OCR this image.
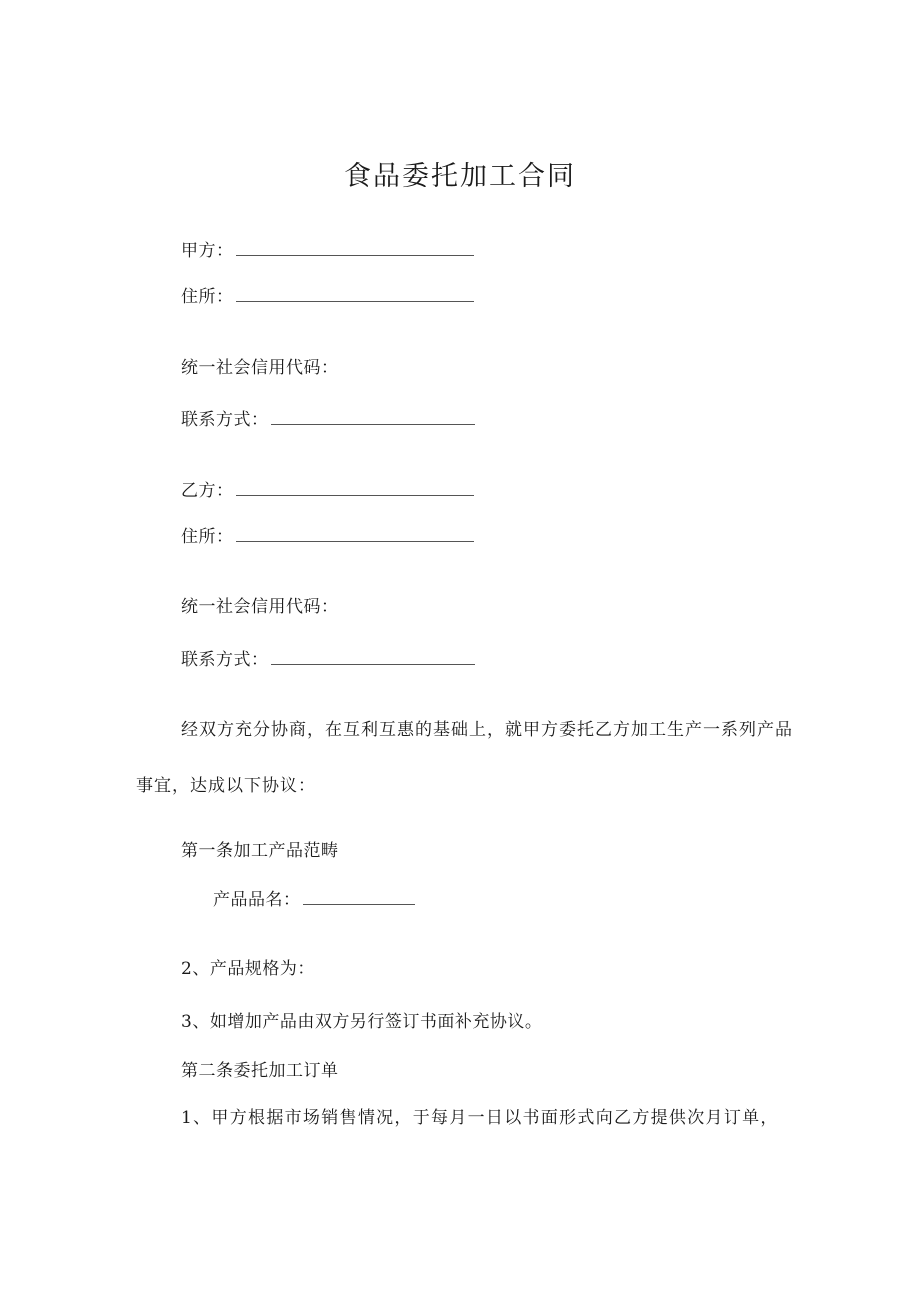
食品委托加工合同
甲方：
住所：
统一社会信用代码：
联系方式：
乙方：
住所：
统一社会信用代码：
联系方式：
经双方充分协商，在互利互惠的基础上，就甲方委托乙方加工生产一系列产品事宜，达成以下协议：
第一条加工产品范畴
产品品名：
2、产品规格为：
3、如增加产品由双方另行签订书面补充协议。
第二条委托加工订单
1、甲方根据市场销售情况，于每月一日以书面形式向乙方提供次月订单，
